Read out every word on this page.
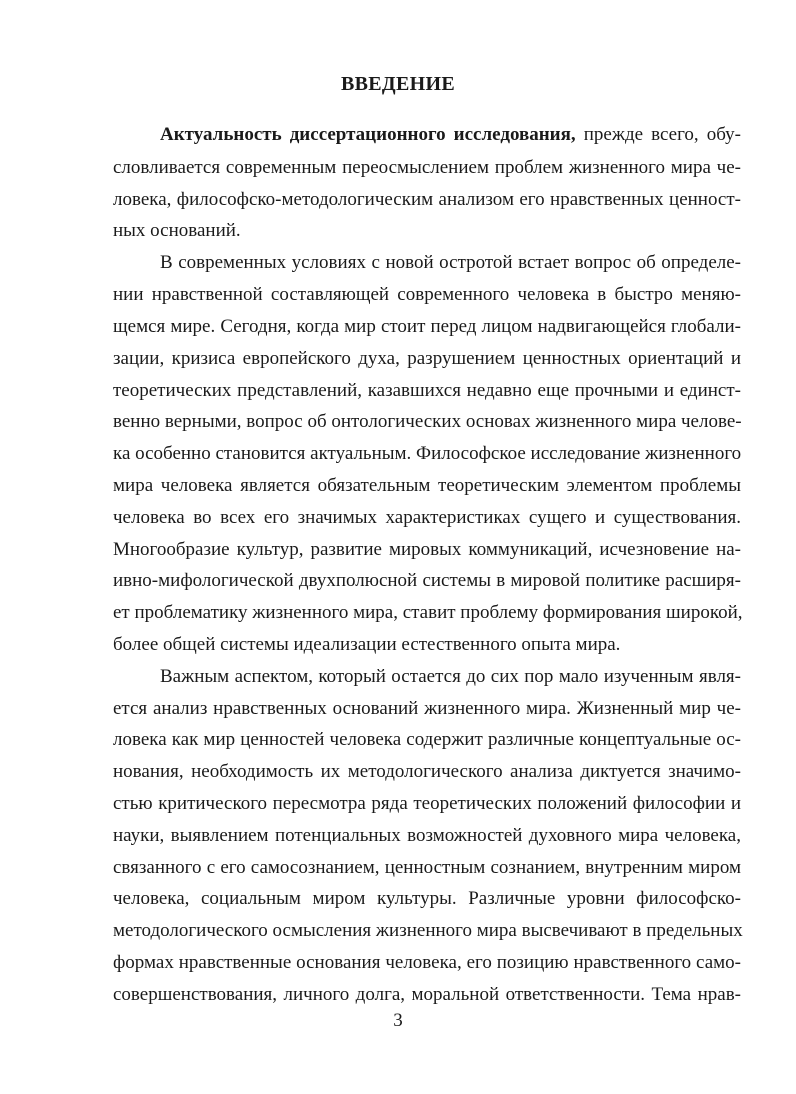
ВВЕДЕНИЕ
Актуальность диссертационного исследования, прежде всего, обу-
словливается современным переосмыслением проблем жизненного мира че-
ловека, философско-методологическим анализом его нравственных ценност-
ных оснований.
В современных условиях с новой остротой встает вопрос об определе-
нии нравственной составляющей современного человека в быстро меняю-
щемся мире. Сегодня, когда мир стоит перед лицом надвигающейся глобали-
зации, кризиса европейского духа, разрушением ценностных ориентаций и
теоретических представлений, казавшихся недавно еще прочными и единст-
венно верными, вопрос об онтологических основах жизненного мира челове-
ка особенно становится актуальным. Философское исследование жизненного
мира человека является обязательным теоретическим элементом проблемы
человека во всех его значимых характеристиках сущего и существования.
Многообразие культур, развитие мировых коммуникаций, исчезновение на-
ивно-мифологической двухполюсной системы в мировой политике расширя-
ет проблематику жизненного мира, ставит проблему формирования широкой,
более общей системы идеализации естественного опыта мира.
Важным аспектом, который остается до сих пор мало изученным явля-
ется анализ нравственных оснований жизненного мира. Жизненный мир че-
ловека как мир ценностей человека содержит различные концептуальные ос-
нования, необходимость их методологического анализа диктуется значимо-
стью критического пересмотра ряда теоретических положений философии и
науки, выявлением потенциальных возможностей духовного мира человека,
связанного с его самосознанием, ценностным сознанием, внутренним миром
человека, социальным миром культуры. Различные уровни философско-
методологического осмысления жизненного мира высвечивают в предельных
формах нравственные основания человека, его позицию нравственного само-
совершенствования, личного долга, моральной ответственности. Тема нрав-
3
